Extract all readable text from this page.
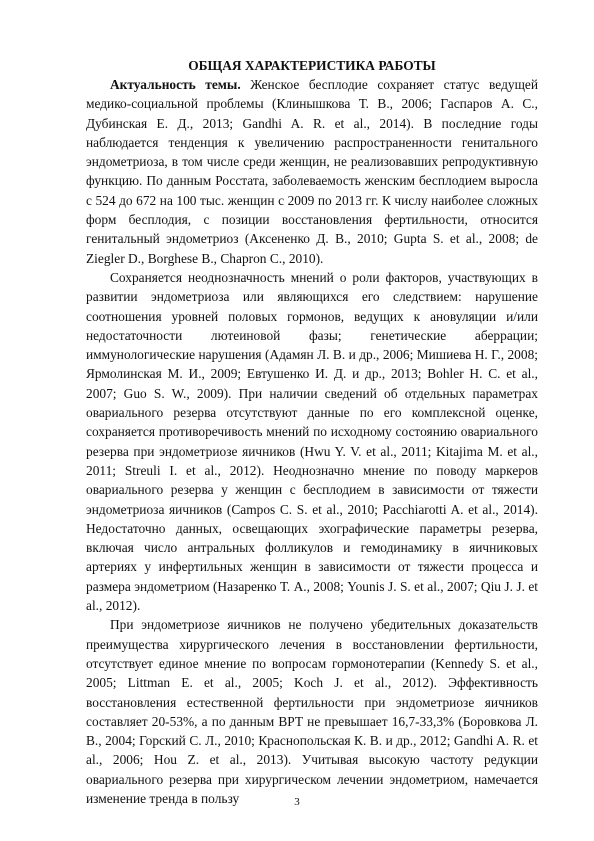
ОБЩАЯ ХАРАКТЕРИСТИКА РАБОТЫ

Актуальность темы. Женское бесплодие сохраняет статус ведущей медико-социальной проблемы (Клинышкова Т. В., 2006; Гаспаров А. С., Дубинская Е. Д., 2013; Gandhi A. R. et al., 2014). В последние годы наблюдается тенденция к увеличению распространенности генитального эндометриоза, в том числе среди женщин, не реализовавших репродуктивную функцию. По данным Росстата, заболеваемость женским бесплодием выросла с 524 до 672 на 100 тыс. женщин с 2009 по 2013 гг. К числу наиболее сложных форм бесплодия, с позиции восстановления фертильности, относится генитальный эндометриоз (Аксененко Д. В., 2010; Gupta S. et al., 2008; de Ziegler D., Borghese B., Chapron C., 2010).

Сохраняется неоднозначность мнений о роли факторов, участвующих в развитии эндометриоза или являющихся его следствием: нарушение соотношения уровней половых гормонов, ведущих к ановуляции и/или недостаточности лютеиновой фазы; генетические аберрации; иммунологические нарушения (Адамян Л. В. и др., 2006; Мишиева Н. Г., 2008; Ярмолинская М. И., 2009; Евтушенко И. Д. и др., 2013; Bohler H. C. et al., 2007; Guo S. W., 2009). При наличии сведений об отдельных параметрах овариального резерва отсутствуют данные по его комплексной оценке, сохраняется противоречивость мнений по исходному состоянию овариального резерва при эндометриозе яичников (Hwu Y. V. et al., 2011; Kitajima M. et al., 2011; Streuli I. et al., 2012). Неоднозначно мнение по поводу маркеров овариального резерва у женщин с бесплодием в зависимости от тяжести эндометриоза яичников (Campos C. S. et al., 2010; Pacchiarotti A. et al., 2014). Недостаточно данных, освещающих эхографические параметры резерва, включая число антральных фолликулов и гемодинамику в яичниковых артериях у инфертильных женщин в зависимости от тяжести процесса и размера эндометриом (Назаренко Т. А., 2008; Younis J. S. et al., 2007; Qiu J. J. et al., 2012).

При эндометриозе яичников не получено убедительных доказательств преимущества хирургического лечения в восстановлении фертильности, отсутствует единое мнение по вопросам гормонотерапии (Kennedy S. et al., 2005; Littman E. et al., 2005; Koch J. et al., 2012). Эффективность восстановления естественной фертильности при эндометриозе яичников составляет 20-53%, а по данным ВРТ не превышает 16,7-33,3% (Боровкова Л. В., 2004; Горский С. Л., 2010; Краснопольская К. В. и др., 2012; Gandhi A. R. et al., 2006; Hou Z. et al., 2013). Учитывая высокую частоту редукции овариального резерва при хирургическом лечении эндометриом, намечается изменение тренда в пользу	3
